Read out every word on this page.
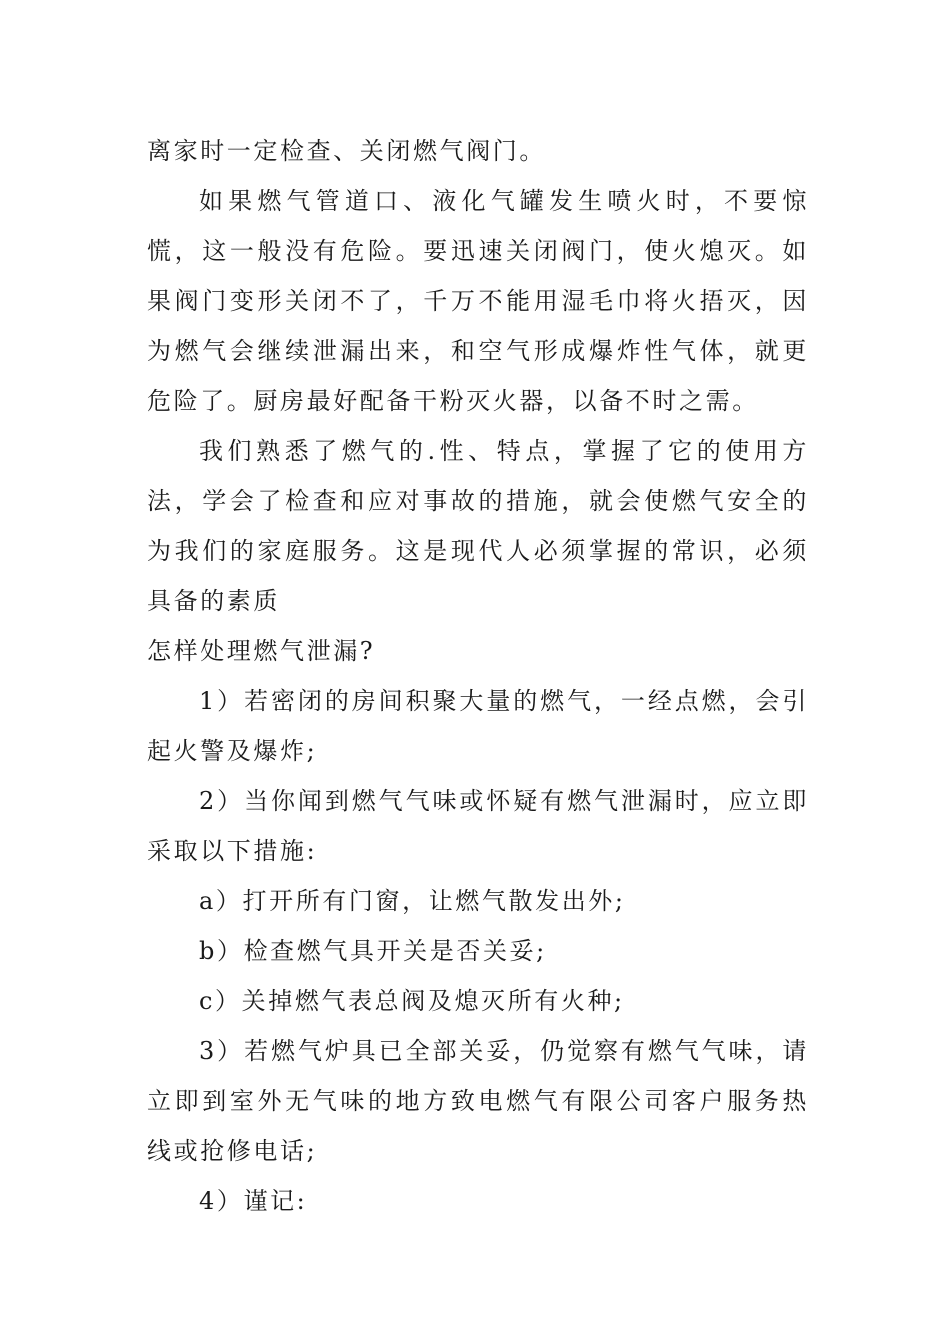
离家时一定检查、关闭燃气阀门。

如果燃气管道口、液化气罐发生喷火时，不要惊慌，这一般没有危险。要迅速关闭阀门，使火熄灭。如果阀门变形关闭不了，千万不能用湿毛巾将火捂灭，因为燃气会继续泄漏出来，和空气形成爆炸性气体，就更危险了。厨房最好配备干粉灭火器，以备不时之需。

我们熟悉了燃气的.性、特点，掌握了它的使用方法，学会了检查和应对事故的措施，就会使燃气安全的为我们的家庭服务。这是现代人必须掌握的常识，必须具备的素质

怎样处理燃气泄漏?

1）若密闭的房间积聚大量的燃气，一经点燃，会引起火警及爆炸;

2）当你闻到燃气气味或怀疑有燃气泄漏时，应立即采取以下措施:

a）打开所有门窗，让燃气散发出外;

b）检查燃气具开关是否关妥;

c）关掉燃气表总阀及熄灭所有火种;

3）若燃气炉具已全部关妥，仍觉察有燃气气味，请立即到室外无气味的地方致电燃气有限公司客户服务热线或抢修电话;

4）谨记:
